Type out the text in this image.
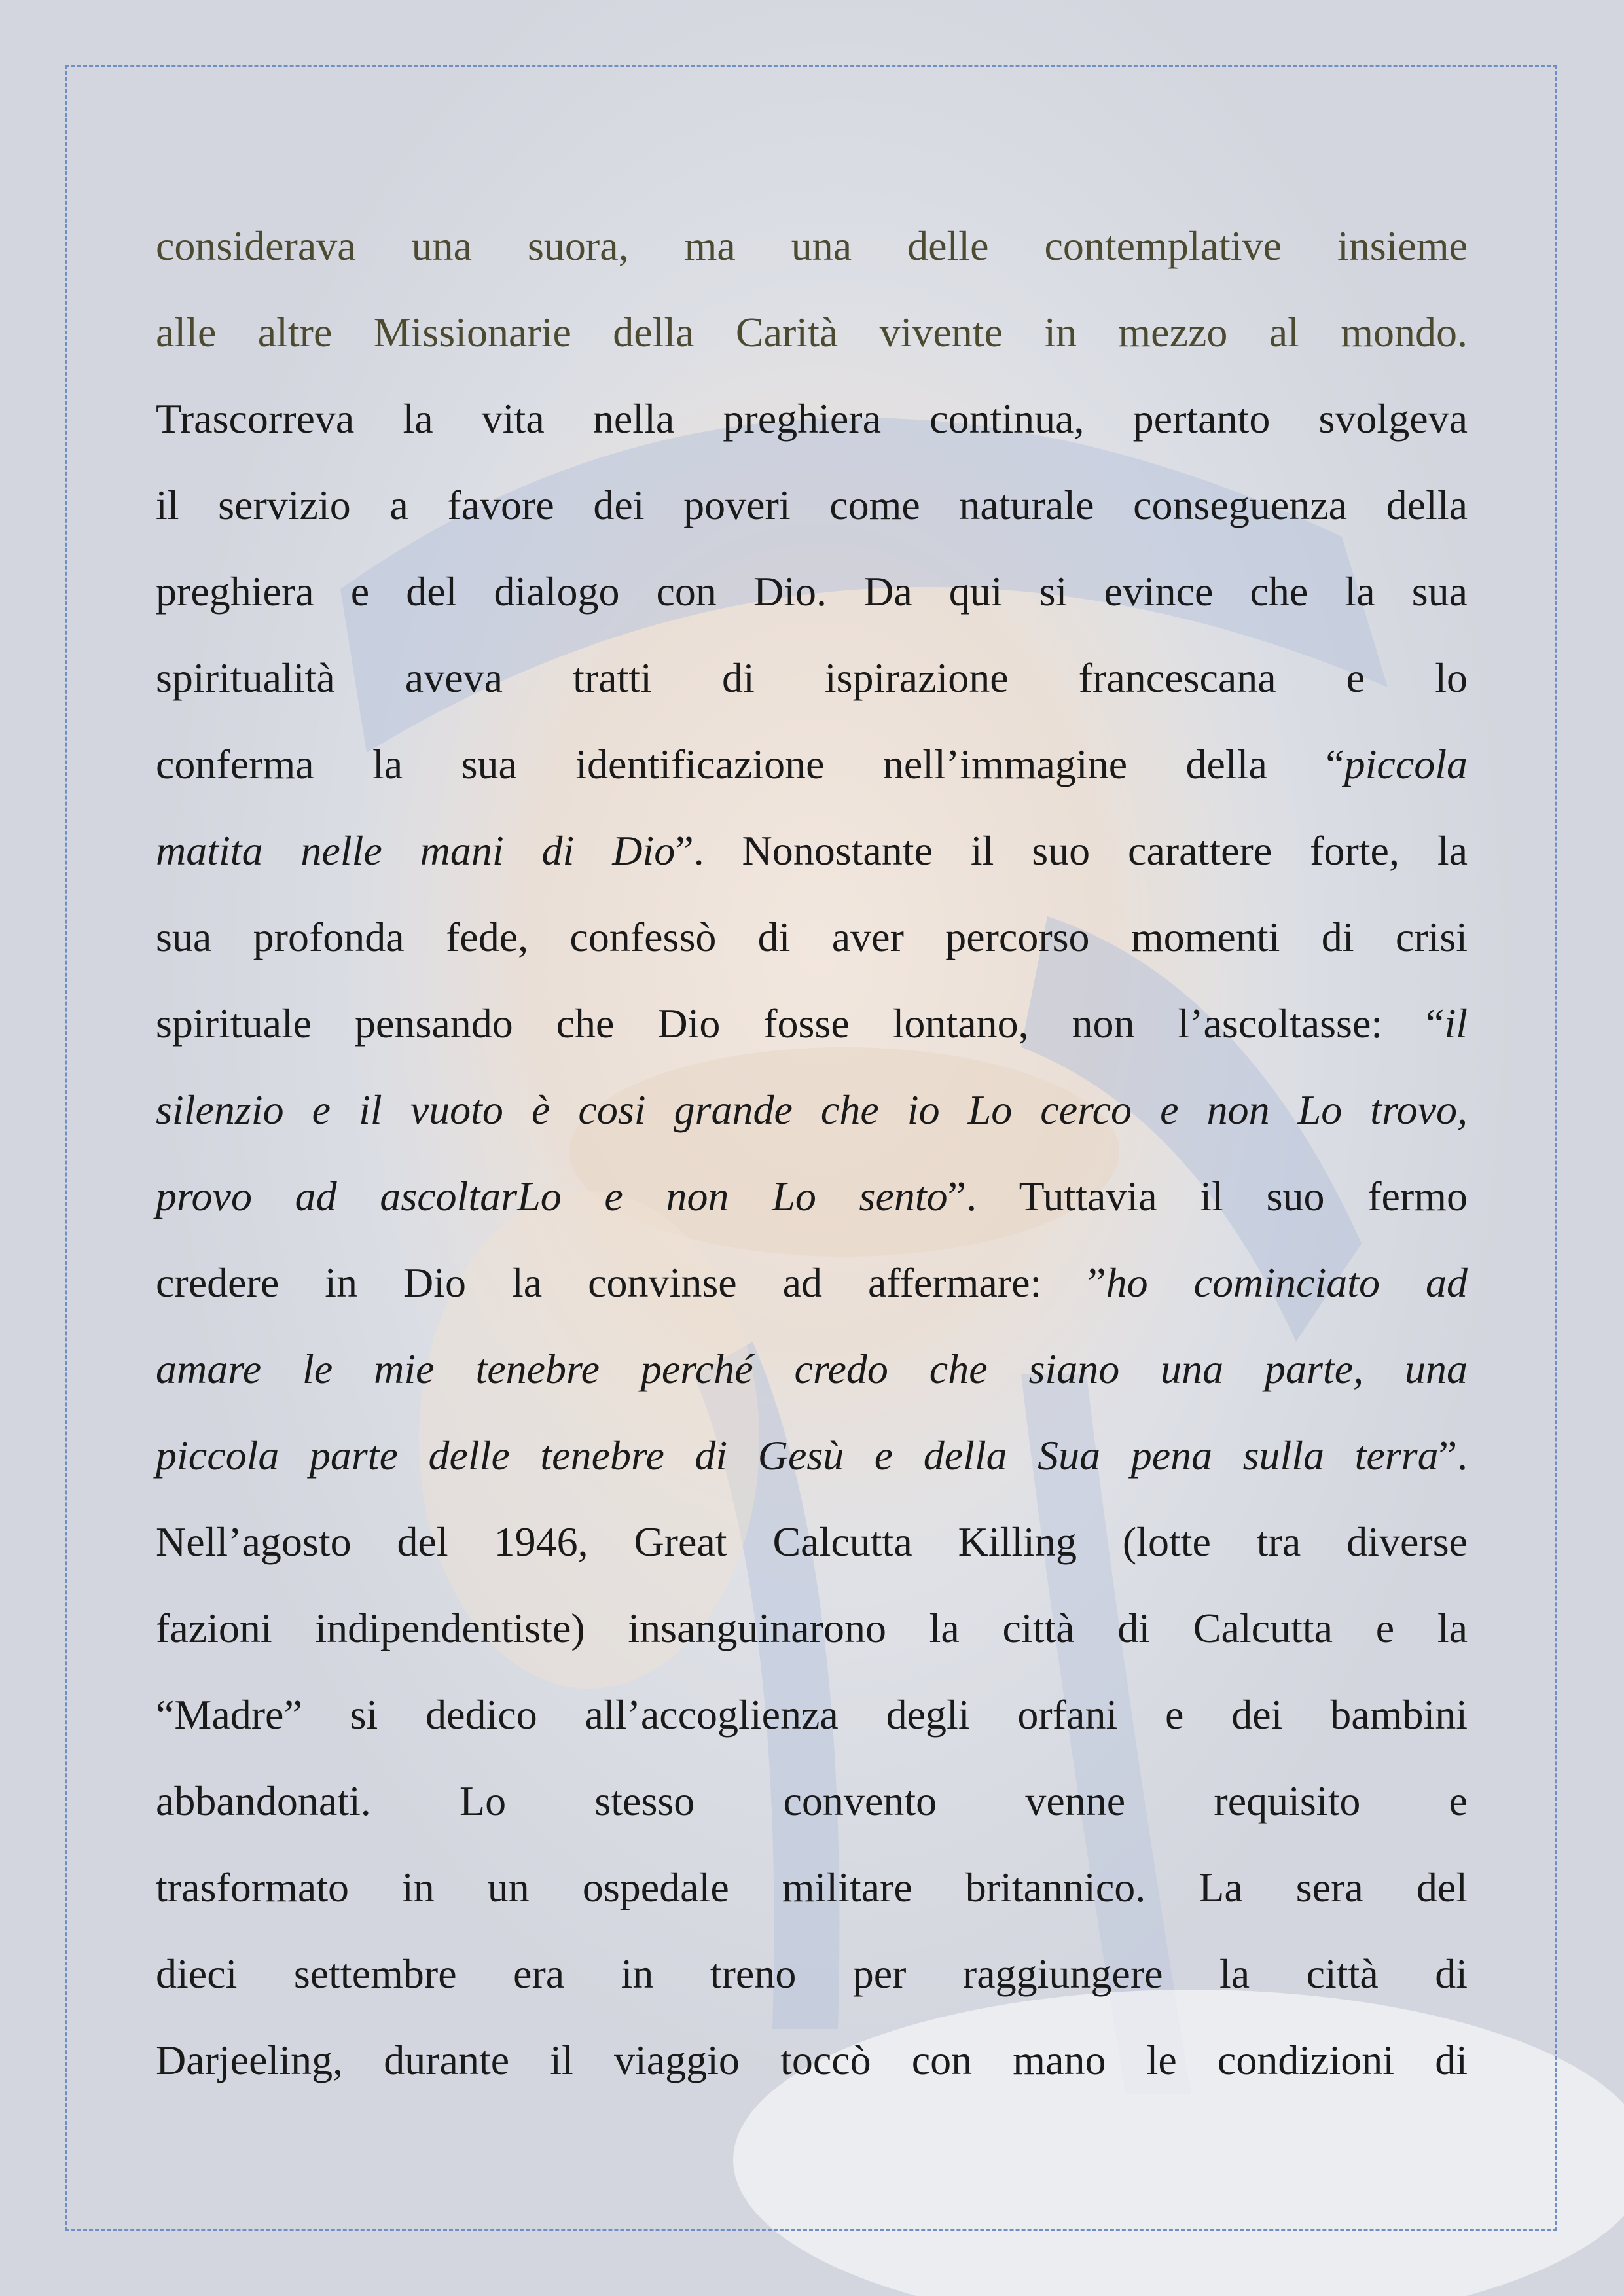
considerava una suora, ma una delle contemplative insieme
alle altre Missionarie della Carità vivente in mezzo al mondo.
Trascorreva la vita nella preghiera continua, pertanto svolgeva
il servizio a favore dei poveri come naturale conseguenza della
preghiera e del dialogo con Dio. Da qui si evince che la sua
spiritualità aveva tratti di ispirazione francescana e lo
conferma la sua identificazione nell’immagine della “piccola
matita nelle mani di Dio”. Nonostante il suo carattere forte, la
sua profonda fede, confessò di aver percorso momenti di crisi
spirituale pensando che Dio fosse lontano, non l’ascoltasse: “il
silenzio e il vuoto è cosi grande che io Lo cerco e non Lo trovo,
provo ad ascoltarLo e non Lo sento”. Tuttavia il suo fermo
credere in Dio la convinse ad affermare: ”ho cominciato ad
amare le mie tenebre perché credo che siano una parte, una
piccola parte delle tenebre di Gesù e della Sua pena sulla terra”.
Nell’agosto del 1946, Great Calcutta Killing (lotte tra diverse
fazioni indipendentiste) insanguinarono la città di Calcutta e la
“Madre” si dedico all’accoglienza degli orfani e dei bambini
abbandonati. Lo stesso convento venne requisito e
trasformato in un ospedale militare britannico. La sera del
dieci settembre era in treno per raggiungere la città di
Darjeeling, durante il viaggio toccò con mano le condizioni di
